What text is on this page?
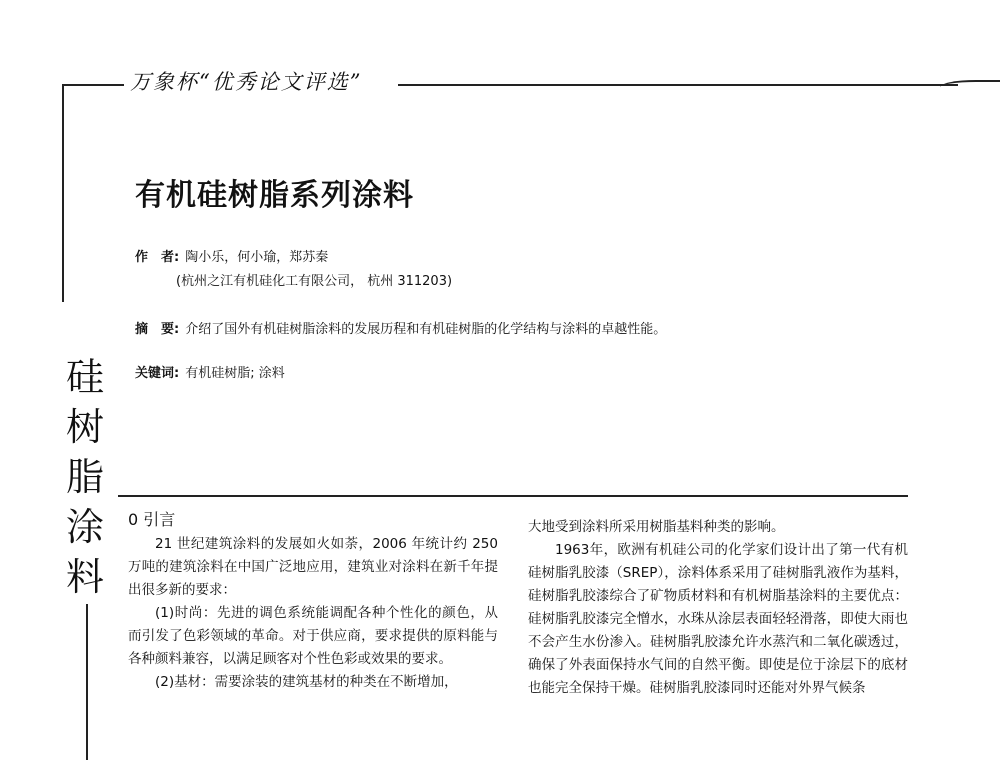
万象杯“优秀论文评选”
有机硅树脂系列涂料
作　者: 陶小乐，何小瑜，郑苏秦
(杭州之江有机硅化工有限公司， 杭州 311203)
摘　要: 介绍了国外有机硅树脂涂料的发展历程和有机硅树脂的化学结构与涂料的卓越性能。
关键词: 有机硅树脂; 涂料
硅
树
脂
涂
料
0 引言

21 世纪建筑涂料的发展如火如荼，2006 年统计约 250 万吨的建筑涂料在中国广泛地应用，建筑业对涂料在新千年提出很多新的要求：

(1)时尚：先进的调色系统能调配各种个性化的颜色，从而引发了色彩领域的革命。对于供应商，要求提供的原料能与各种颜料兼容，以满足顾客对个性色彩或效果的要求。

(2)基材：需要涂装的建筑基材的种类在不断增加，

大地受到涂料所采用树脂基料种类的影响。

1963年，欧洲有机硅公司的化学家们设计出了第一代有机硅树脂乳胶漆（SREP），涂料体系采用了硅树脂乳液作为基料，硅树脂乳胶漆综合了矿物质材料和有机树脂基涂料的主要优点：硅树脂乳胶漆完全憎水，水珠从涂层表面轻轻滑落，即使大雨也不会产生水份渗入。硅树脂乳胶漆允许水蒸汽和二氧化碳透过，确保了外表面保持水气间的自然平衡。即使是位于涂层下的底材也能完全保持干燥。硅树脂乳胶漆同时还能对外界气候条
